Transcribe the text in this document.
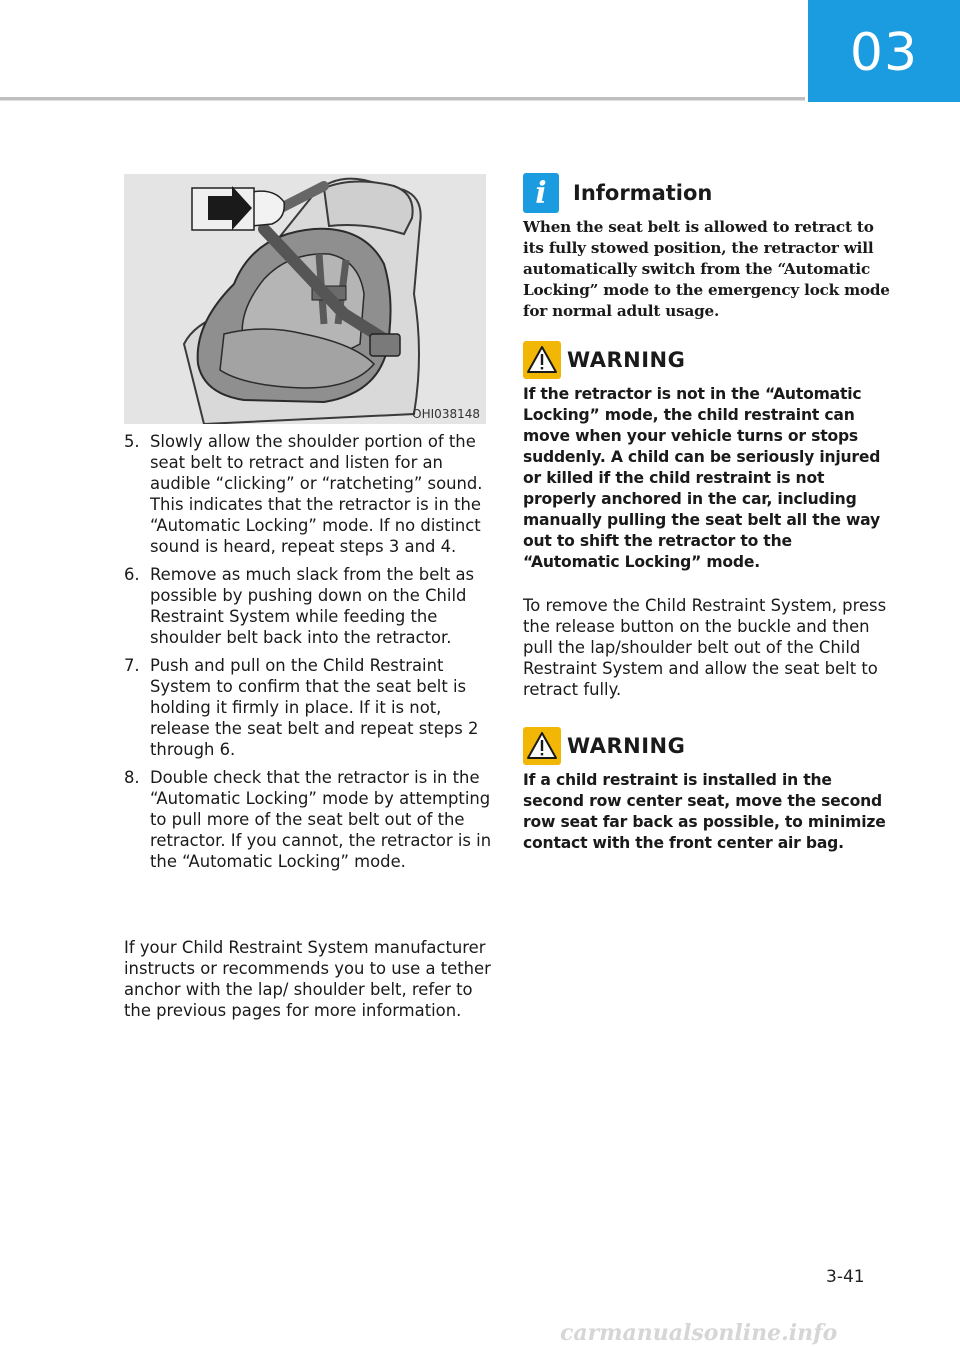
03
OHI038148
5. Slowly allow the shoulder portion of the seat belt to retract and listen for an audible “clicking” or “ratcheting” sound. This indicates that the retractor is in the “Automatic Locking” mode. If no distinct sound is heard, repeat steps 3 and 4.
6. Remove as much slack from the belt as possible by pushing down on the Child Restraint System while feeding the shoulder belt back into the retractor.
7. Push and pull on the Child Restraint System to confirm that the seat belt is holding it firmly in place. If it is not, release the seat belt and repeat steps 2 through 6.
8. Double check that the retractor is in the “Automatic Locking” mode by attempting to pull more of the seat belt out of the retractor. If you cannot, the retractor is in the “Automatic Locking” mode.

If your Child Restraint System manufacturer instructs or recommends you to use a tether anchor with the lap/ shoulder belt, refer to the previous pages for more information.

i	Information
When the seat belt is allowed to retract to its fully stowed position, the retractor will automatically switch from the “Automatic Locking” mode to the emergency lock mode for normal adult usage.
WARNING
If the retractor is not in the “Automatic Locking” mode, the child restraint can move when your vehicle turns or stops suddenly. A child can be seriously injured or killed if the child restraint is not properly anchored in the car, including manually pulling the seat belt all the way out to shift the retractor to the “Automatic Locking” mode.

To remove the Child Restraint System, press the release button on the buckle and then pull the lap/shoulder belt out of the Child Restraint System and allow the seat belt to retract fully.

WARNING
If a child restraint is installed in the second row center seat, move the second row seat far back as possible, to minimize contact with the front center air bag.
3-41
carmanualsonline.info
